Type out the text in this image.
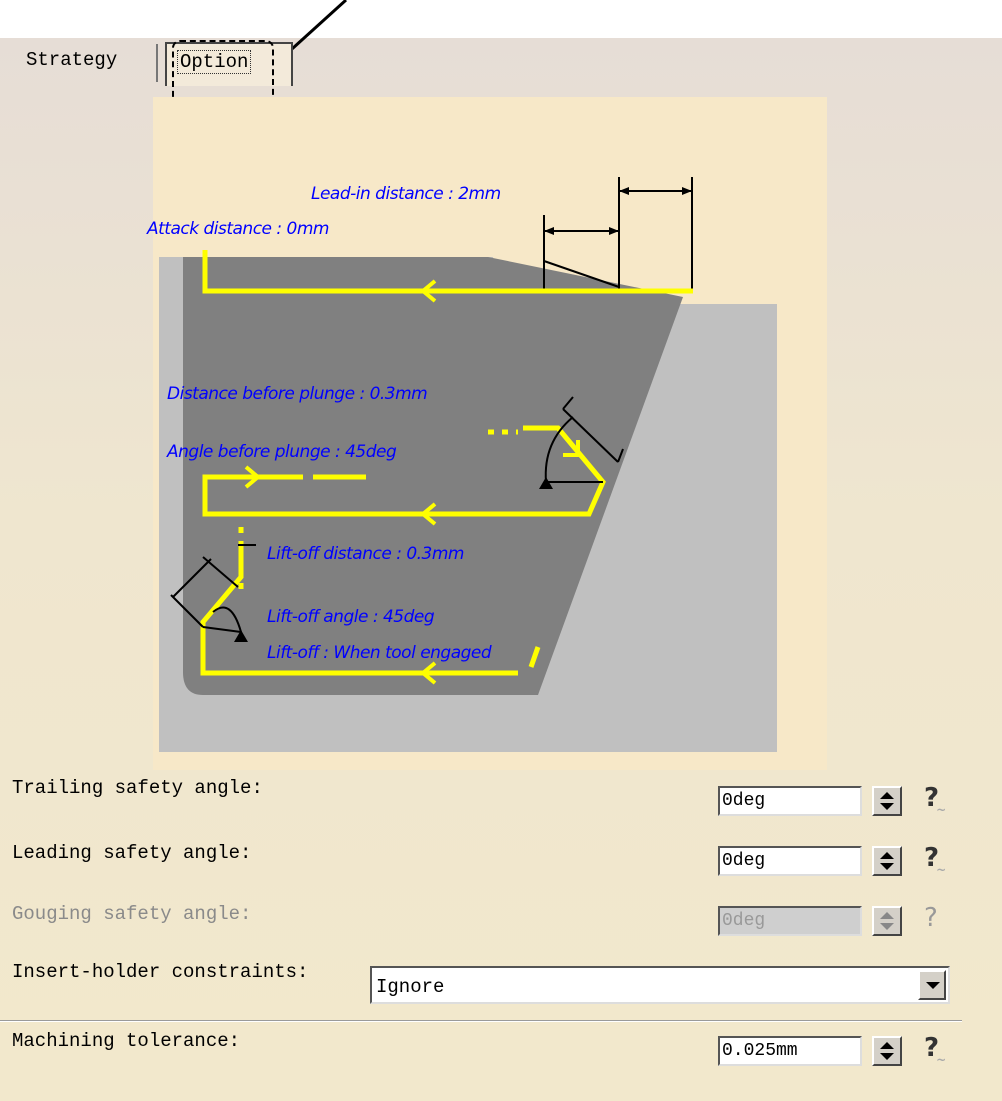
Strategy	Option
Lead-in distance : 2mm
Attack distance : 0mm
Distance before plunge : 0.3mm
Angle before plunge : 45deg
Lift-off distance : 0.3mm
Lift-off angle : 45deg
Lift-off : When tool engaged
Trailing safety angle:
0deg	$?_\sim$
Leading safety angle:	0deg	$?_\sim$
Gouging safety angle:	0deg	?
Insert-holder constraints:
Ignore
Machining tolerance:	0.025mm	$?_\sim$
